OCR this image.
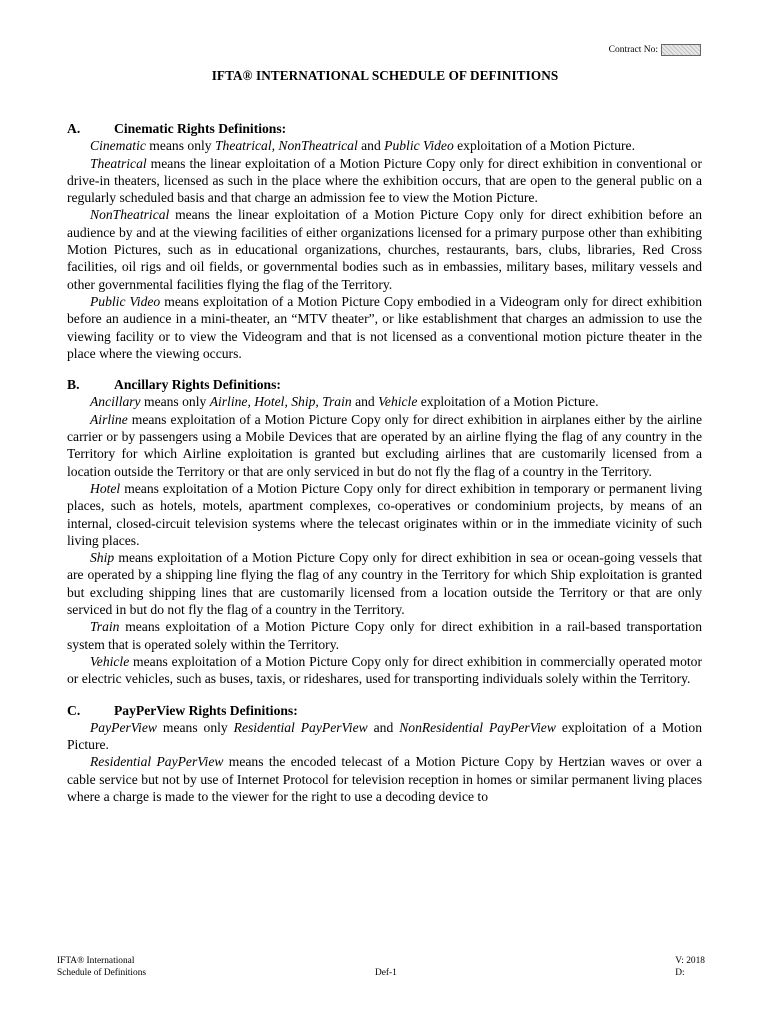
Contract No:
IFTA® INTERNATIONAL SCHEDULE OF DEFINITIONS
A.	Cinematic Rights Definitions:

Cinematic means only Theatrical, NonTheatrical and Public Video exploitation of a Motion Picture.

Theatrical means the linear exploitation of a Motion Picture Copy only for direct exhibition in conventional or drive-in theaters, licensed as such in the place where the exhibition occurs, that are open to the general public on a regularly scheduled basis and that charge an admission fee to view the Motion Picture.

NonTheatrical means the linear exploitation of a Motion Picture Copy only for direct exhibition before an audience by and at the viewing facilities of either organizations licensed for a primary purpose other than exhibiting Motion Pictures, such as in educational organizations, churches, restaurants, bars, clubs, libraries, Red Cross facilities, oil rigs and oil fields, or governmental bodies such as in embassies, military bases, military vessels and other governmental facilities flying the flag of the Territory.

Public Video means exploitation of a Motion Picture Copy embodied in a Videogram only for direct exhibition before an audience in a mini-theater, an “MTV theater”, or like establishment that charges an admission to use the viewing facility or to view the Videogram and that is not licensed as a conventional motion picture theater in the place where the viewing occurs.

B.	Ancillary Rights Definitions:

Ancillary means only Airline, Hotel, Ship, Train and Vehicle exploitation of a Motion Picture.

Airline means exploitation of a Motion Picture Copy only for direct exhibition in airplanes either by the airline carrier or by passengers using a Mobile Devices that are operated by an airline flying the flag of any country in the Territory for which Airline exploitation is granted but excluding airlines that are customarily licensed from a location outside the Territory or that are only serviced in but do not fly the flag of a country in the Territory.

Hotel means exploitation of a Motion Picture Copy only for direct exhibition in temporary or permanent living places, such as hotels, motels, apartment complexes, co-operatives or condominium projects, by means of an internal, closed-circuit television systems where the telecast originates within or in the immediate vicinity of such living places.

Ship means exploitation of a Motion Picture Copy only for direct exhibition in sea or ocean-going vessels that are operated by a shipping line flying the flag of any country in the Territory for which Ship exploitation is granted but excluding shipping lines that are customarily licensed from a location outside the Territory or that are only serviced in but do not fly the flag of a country in the Territory.

Train means exploitation of a Motion Picture Copy only for direct exhibition in a rail-based transportation system that is operated solely within the Territory.

Vehicle means exploitation of a Motion Picture Copy only for direct exhibition in commercially operated motor or electric vehicles, such as buses, taxis, or rideshares, used for transporting individuals solely within the Territory.

C.	PayPerView Rights Definitions:

PayPerView means only Residential PayPerView and NonResidential PayPerView exploitation of a Motion Picture.

Residential PayPerView means the encoded telecast of a Motion Picture Copy by Hertzian waves or over a cable service but not by use of Internet Protocol for television reception in homes or similar permanent living places where a charge is made to the viewer for the right to use a decoding device to

IFTA® International
Schedule of Definitions	Def-1
V: 2018
D:
